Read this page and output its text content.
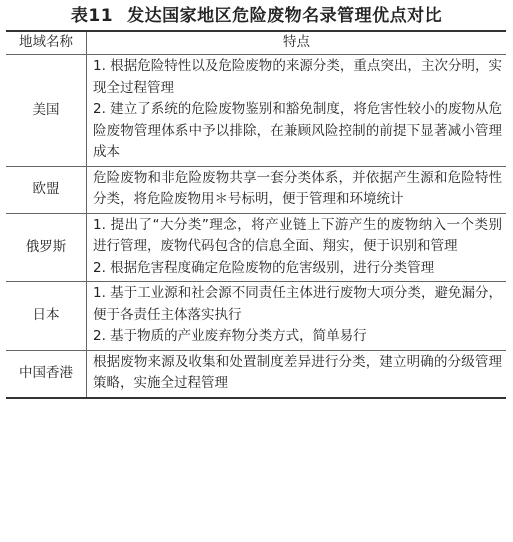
表11 发达国家地区危险废物名录管理优点对比
地域名称	特点
美国	1. 根据危险特性以及危险废物的来源分类，重点突出，主次分明，实现全过程管理

2. 建立了系统的危险废物鉴别和豁免制度，将危害性较小的废物从危险废物管理体系中予以排除，在兼顾风险控制的前提下显著减小管理成本

欧盟	危险废物和非危险废物共享一套分类体系，并依据产生源和危险特性分类，将危险废物用＊号标明，便于管理和环境统计

俄罗斯	1. 提出了“大分类”理念，将产业链上下游产生的废物纳入一个类别进行管理，废物代码包含的信息全面、翔实，便于识别和管理

2. 根据危害程度确定危险废物的危害级别，进行分类管理

日本	1. 基于工业源和社会源不同责任主体进行废物大项分类，避免漏分，便于各责任主体落实执行

2. 基于物质的产业废弃物分类方式，简单易行

中国香港	根据废物来源及收集和处置制度差异进行分类，建立明确的分级管理策略，实施全过程管理
